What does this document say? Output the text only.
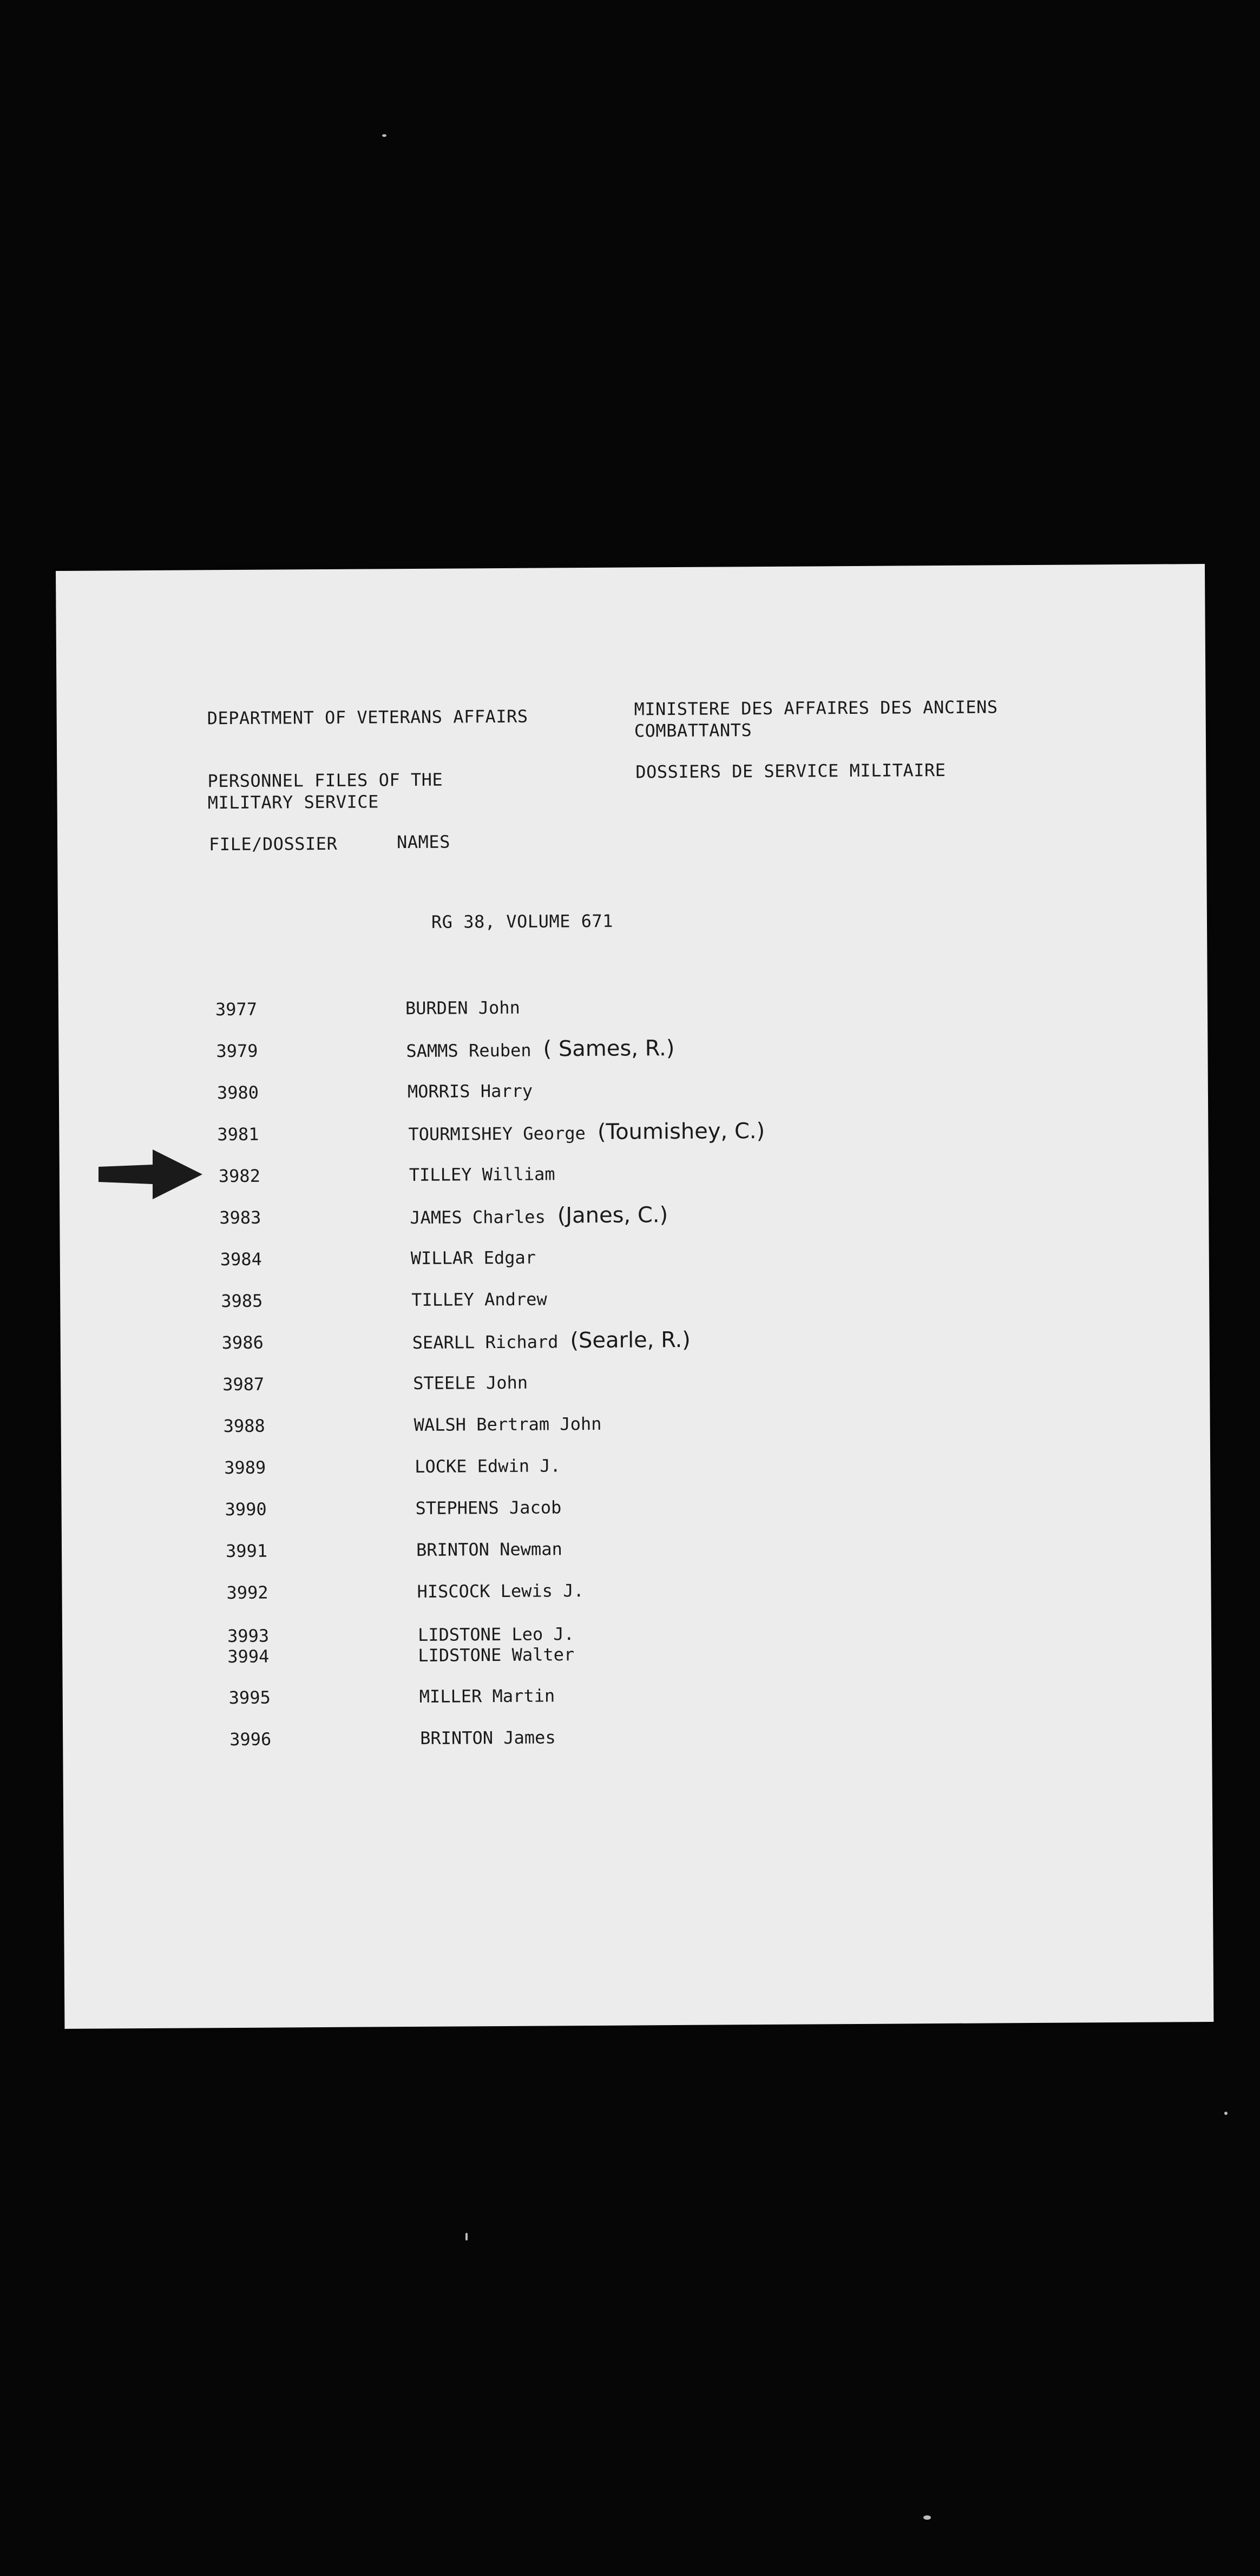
DEPARTMENT OF VETERANS AFFAIRS	MINISTERE DES AFFAIRES DES ANCIENS
COMBATTANTS
PERSONNEL FILES OF THE
MILITARY SERVICE
DOSSIERS DE SERVICE MILITAIRE
FILE/DOSSIER	NAMES
RG 38, VOLUME 671
3977	BURDEN John
3979	SAMMS Reuben ( Sames, R.)
3980	MORRIS Harry
3981	TOURMISHEY George (Toumishey, C.)
3982	TILLEY William
3983	JAMES Charles (Janes, C.)
3984	WILLAR Edgar
3985	TILLEY Andrew
3986	SEARLL Richard (Searle, R.)
3987	STEELE John
3988	WALSH Bertram John
3989	LOCKE Edwin J.
3990	STEPHENS Jacob
3991	BRINTON Newman
3992	HISCOCK Lewis J.
3993	LIDSTONE Leo J.
3994	LIDSTONE Walter
3995	MILLER Martin
3996	BRINTON James
